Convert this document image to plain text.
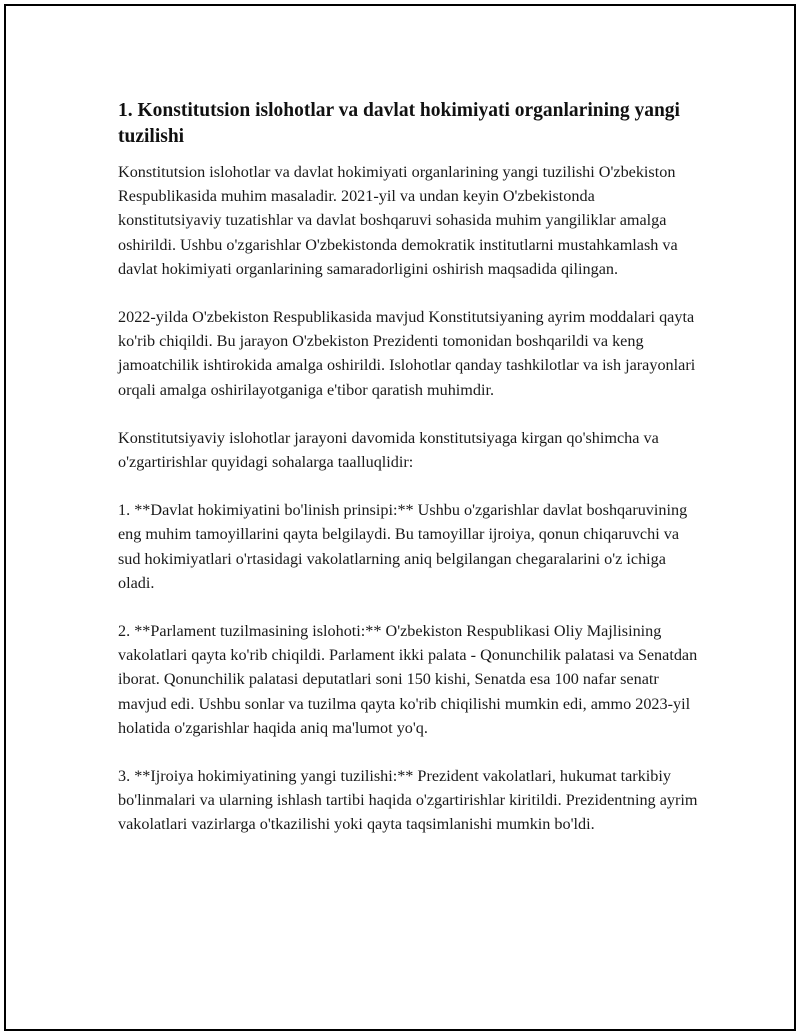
1. Konstitutsion islohotlar va davlat hokimiyati organlarining yangi tuzilishi

Konstitutsion islohotlar va davlat hokimiyati organlarining yangi tuzilishi O'zbekiston Respublikasida muhim masaladir. 2021-yil va undan keyin O'zbekistonda konstitutsiyaviy tuzatishlar va davlat boshqaruvi sohasida muhim yangiliklar amalga oshirildi. Ushbu o'zgarishlar O'zbekistonda demokratik institutlarni mustahkamlash va davlat hokimiyati organlarining samaradorligini oshirish maqsadida qilingan.

2022-yilda O'zbekiston Respublikasida mavjud Konstitutsiyaning ayrim moddalari qayta ko'rib chiqildi. Bu jarayon O'zbekiston Prezidenti tomonidan boshqarildi va keng jamoatchilik ishtirokida amalga oshirildi. Islohotlar qanday tashkilotlar va ish jarayonlari orqali amalga oshirilayotganiga e'tibor qaratish muhimdir.

Konstitutsiyaviy islohotlar jarayoni davomida konstitutsiyaga kirgan qo'shimcha va o'zgartirishlar quyidagi sohalarga taalluqlidir:

1. **Davlat hokimiyatini bo'linish prinsipi:** Ushbu o'zgarishlar davlat boshqaruvining eng muhim tamoyillarini qayta belgilaydi. Bu tamoyillar ijroiya, qonun chiqaruvchi va sud hokimiyatlari o'rtasidagi vakolatlarning aniq belgilangan chegaralarini o'z ichiga oladi.

2. **Parlament tuzilmasining islohoti:** O'zbekiston Respublikasi Oliy Majlisining vakolatlari qayta ko'rib chiqildi. Parlament ikki palata - Qonunchilik palatasi va Senatdan iborat. Qonunchilik palatasi deputatlari soni 150 kishi, Senatda esa 100 nafar senatr mavjud edi. Ushbu sonlar va tuzilma qayta ko'rib chiqilishi mumkin edi, ammo 2023-yil holatida o'zgarishlar haqida aniq ma'lumot yo'q.

3. **Ijroiya hokimiyatining yangi tuzilishi:** Prezident vakolatlari, hukumat tarkibiy bo'linmalari va ularning ishlash tartibi haqida o'zgartirishlar kiritildi. Prezidentning ayrim vakolatlari vazirlarga o'tkazilishi yoki qayta taqsimlanishi mumkin bo'ldi.
